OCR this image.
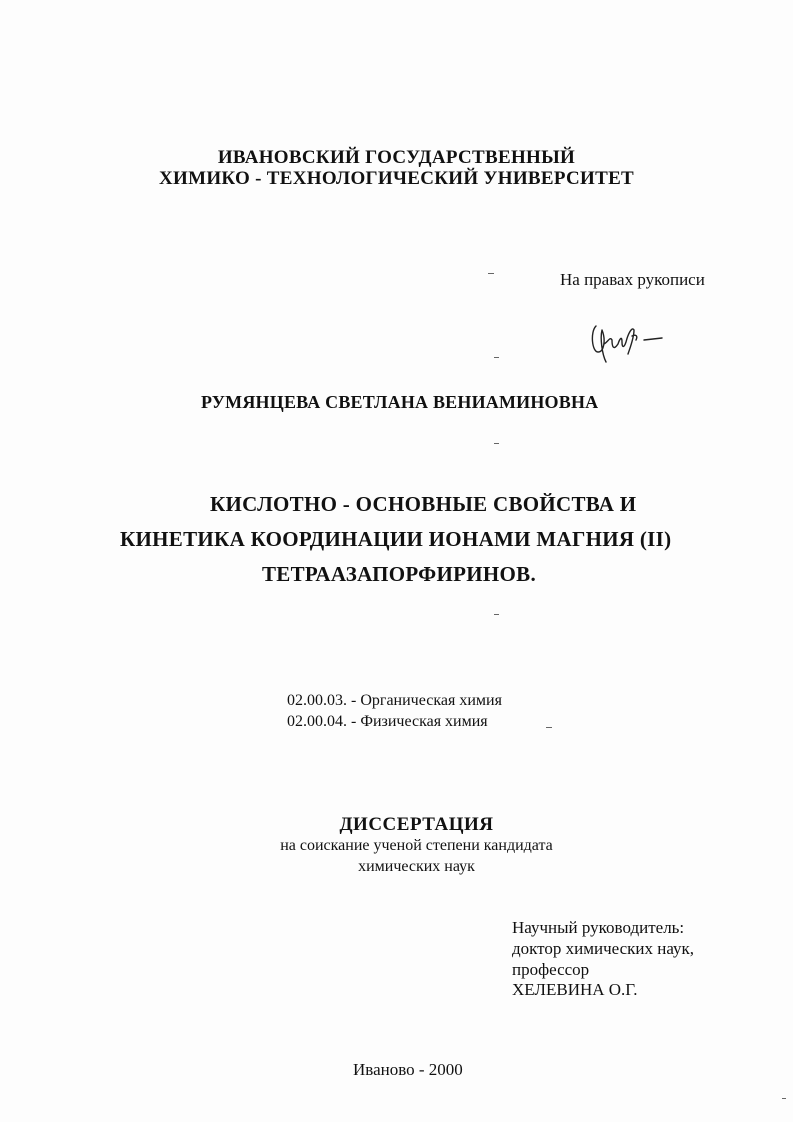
ИВАНОВСКИЙ ГОСУДАРСТВЕННЫЙ
ХИМИКО - ТЕХНОЛОГИЧЕСКИЙ УНИВЕРСИТЕТ
На правах рукописи
РУМЯНЦЕВА СВЕТЛАНА ВЕНИАМИНОВНА
КИСЛОТНО - ОСНОВНЫЕ СВОЙСТВА И
КИНЕТИКА КООРДИНАЦИИ ИОНАМИ МАГНИЯ (II)
ТЕТРААЗАПОРФИРИНОВ.
02.00.03. - Органическая химия
02.00.04. - Физическая химия
ДИССЕРТАЦИЯ
на соискание ученой степени кандидата
химических наук
Научный руководитель:
доктор химических наук,
профессор
ХЕЛЕВИНА О.Г.
Иваново - 2000
